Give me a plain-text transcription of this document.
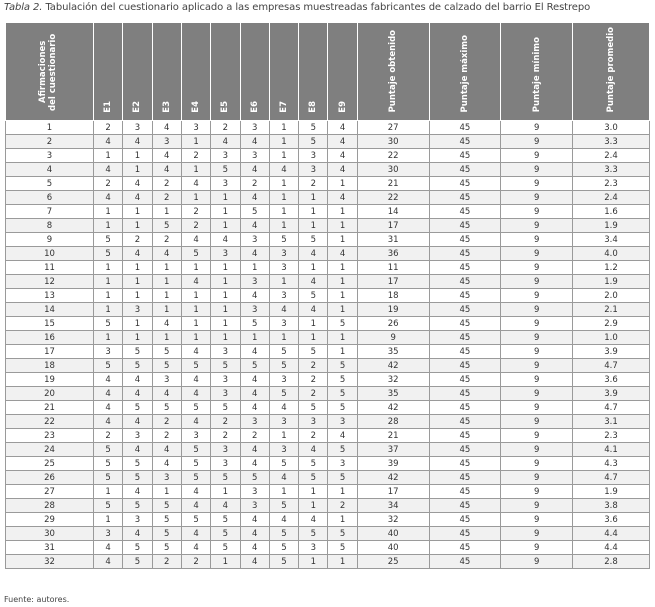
Tabla 2. Tabulación del cuestionario aplicado a las empresas muestreadas fabricantes de calzado del barrio El Restrepo
Afirmaciones del cuestionario	E1	E2	E3	E4	E5	E6	E7	E8	E9	Puntaje obtenido	Puntaje máximo	Puntaje mínimo	Puntaje promedio
1	2	3	4	3	2	3	1	5	4	27	45	9	3.0
2	4	4	3	1	4	4	1	5	4	30	45	9	3.3
3	1	1	4	2	3	3	1	3	4	22	45	9	2.4
4	4	1	4	1	5	4	4	3	4	30	45	9	3.3
5	2	4	2	4	3	2	1	2	1	21	45	9	2.3
6	4	4	2	1	1	4	1	1	4	22	45	9	2.4
7	1	1	1	2	1	5	1	1	1	14	45	9	1.6
8	1	1	5	2	1	4	1	1	1	17	45	9	1.9
9	5	2	2	4	4	3	5	5	1	31	45	9	3.4
10	5	4	4	5	3	4	3	4	4	36	45	9	4.0
11	1	1	1	1	1	1	3	1	1	11	45	9	1.2
12	1	1	1	4	1	3	1	4	1	17	45	9	1.9
13	1	1	1	1	1	4	3	5	1	18	45	9	2.0
14	1	3	1	1	1	3	4	4	1	19	45	9	2.1
15	5	1	4	1	1	5	3	1	5	26	45	9	2.9
16	1	1	1	1	1	1	1	1	1	9	45	9	1.0
17	3	5	5	4	3	4	5	5	1	35	45	9	3.9
18	5	5	5	5	5	5	5	2	5	42	45	9	4.7
19	4	4	3	4	3	4	3	2	5	32	45	9	3.6
20	4	4	4	4	3	4	5	2	5	35	45	9	3.9
21	4	5	5	5	5	4	4	5	5	42	45	9	4.7
22	4	4	2	4	2	3	3	3	3	28	45	9	3.1
23	2	3	2	3	2	2	1	2	4	21	45	9	2.3
24	5	4	4	5	3	4	3	4	5	37	45	9	4.1
25	5	5	4	5	3	4	5	5	3	39	45	9	4.3
26	5	5	3	5	5	5	4	5	5	42	45	9	4.7
27	1	4	1	4	1	3	1	1	1	17	45	9	1.9
28	5	5	5	4	4	3	5	1	2	34	45	9	3.8
29	1	3	5	5	5	4	4	4	1	32	45	9	3.6
30	3	4	5	4	5	4	5	5	5	40	45	9	4.4
31	4	5	5	4	5	4	5	3	5	40	45	9	4.4
32	4	5	2	2	1	4	5	1	1	25	45	9	2.8
Fuente: autores.
